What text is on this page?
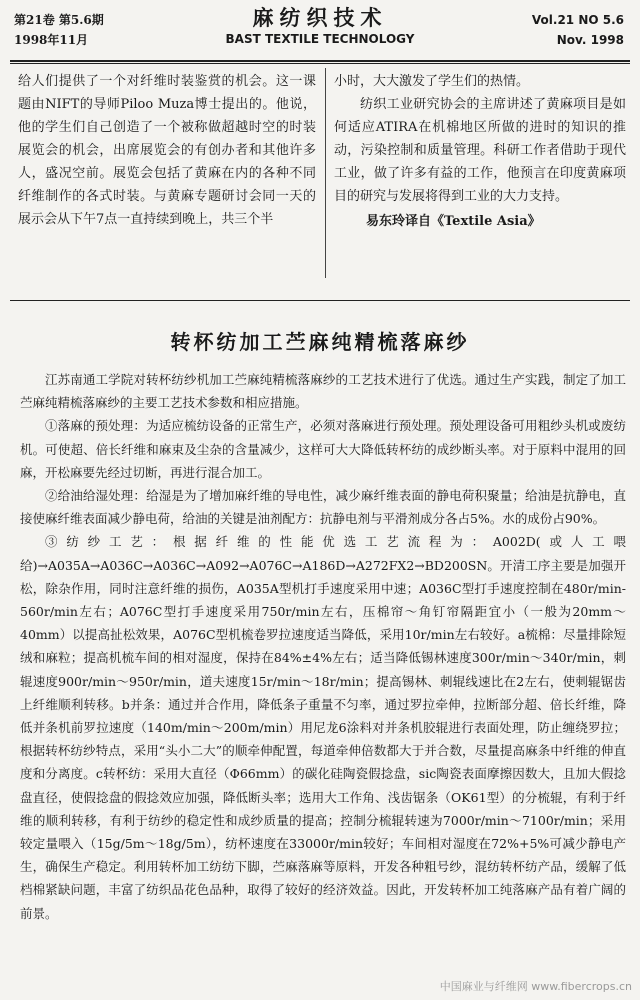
第21卷 第5.6期
1998年11月
麻纺织技术
BAST TEXTILE TECHNOLOGY
Vol.21 NO 5.6
Nov. 1998

给人们提供了一个对纤维时装鉴赏的机会。这一课题由NIFT的导师Piloo Muza博士提出的。他说，他的学生们自己创造了一个被称做超越时空的时装展览会的机会，出席展览会的有创办者和其他许多人，盛况空前。展览会包括了黄麻在内的各种不同纤维制作的各式时装。与黄麻专题研讨会同一天的展示会从下午7点一直持续到晚上，共三个半

小时，大大激发了学生们的热情。

纺织工业研究协会的主席讲述了黄麻项目是如何适应ATIRA在机棉地区所做的进时的知识的推动，污染控制和质量管理。科研工作者借助于现代工业，做了许多有益的工作，他预言在印度黄麻项目的研究与发展将得到工业的大力支持。

易东玲译自《Textile Asia》

转杯纺加工苎麻纯精梳落麻纱

江苏南通工学院对转杯纺纱机加工苎麻纯精梳落麻纱的工艺技术进行了优选。通过生产实践，制定了加工苎麻纯精梳落麻纱的主要工艺技术参数和相应措施。

①落麻的预处理：为适应梳纺设备的正常生产，必须对落麻进行预处理。预处理设备可用粗纱头机或废纺机。可使超、倍长纤维和麻束及尘杂的含量减少，这样可大大降低转杯纺的成纱断头率。对于原料中混用的回麻，开松麻要先经过切断，再进行混合加工。

②给油给湿处理：给湿是为了增加麻纤维的导电性，减少麻纤维表面的静电荷积聚量；给油是抗静电，直接使麻纤维表面减少静电荷，给油的关键是油剂配方：抗静电剂与平滑剂成分各占5%。水的成份占90%。

③纺纱工艺：根据纤维的性能优选工艺流程为：A002D(或人工喂给)→A035A→A036C→A036C→A092→A076C→A186D→A272FX2→BD200SN。开清工序主要是加强开松，除杂作用，同时注意纤维的损伤，A035A型机打手速度采用中速；A036C型打手速度控制在480r/min-560r/min左右；A076C型打手速度采用750r/min左右，压棉帘～角钉帘隔距宜小（一般为20mm～40mm）以提高扯松效果，A076C型机梳卷罗拉速度适当降低，采用10r/min左右较好。a梳棉：尽量排除短绒和麻粒；提高机梳车间的相对湿度，保持在84%±4%左右；适当降低锡林速度300r/min～340r/min，刺辊速度900r/min～950r/min，道夫速度15r/min～18r/min；提高锡林、刺辊线速比在2左右，使刺辊锯齿上纤维顺利转移。b并条：通过并合作用，降低条子重量不匀率，通过罗拉牵伸，拉断部分超、倍长纤维，降低并条机前罗拉速度（140m/min～200m/min）用尼龙6涂料对并条机胶辊进行表面处理，防止缠绕罗拉；根据转杯纺纱特点，采用“头小二大”的顺牵伸配置，每道牵伸倍数都大于并合数，尽量提高麻条中纤维的伸直度和分离度。c转杯纺：采用大直径（Φ66mm）的碳化硅陶瓷假捻盘，sic陶瓷表面摩擦因数大，且加大假捻盘直径，使假捻盘的假捻效应加强，降低断头率；选用大工作角、浅齿锯条（OK61型）的分梳辊，有利于纤维的顺利转移，有利于纺纱的稳定性和成纱质量的提高；控制分梳辊转速为7000r/min～7100r/min；采用较定量喂入（15g/5m～18g/5m），纺杯速度在33000r/min较好；车间相对湿度在72%+5%可减少静电产生，确保生产稳定。利用转杯加工纺纺下脚，苎麻落麻等原料，开发各种粗号纱，混纺转杯纺产品，缓解了低档棉紧缺问题，丰富了纺织品花色品种，取得了较好的经济效益。因此，开发转杯加工纯落麻产品有着广阔的前景。

中国麻业与纤维网 www.fibercrops.cn
